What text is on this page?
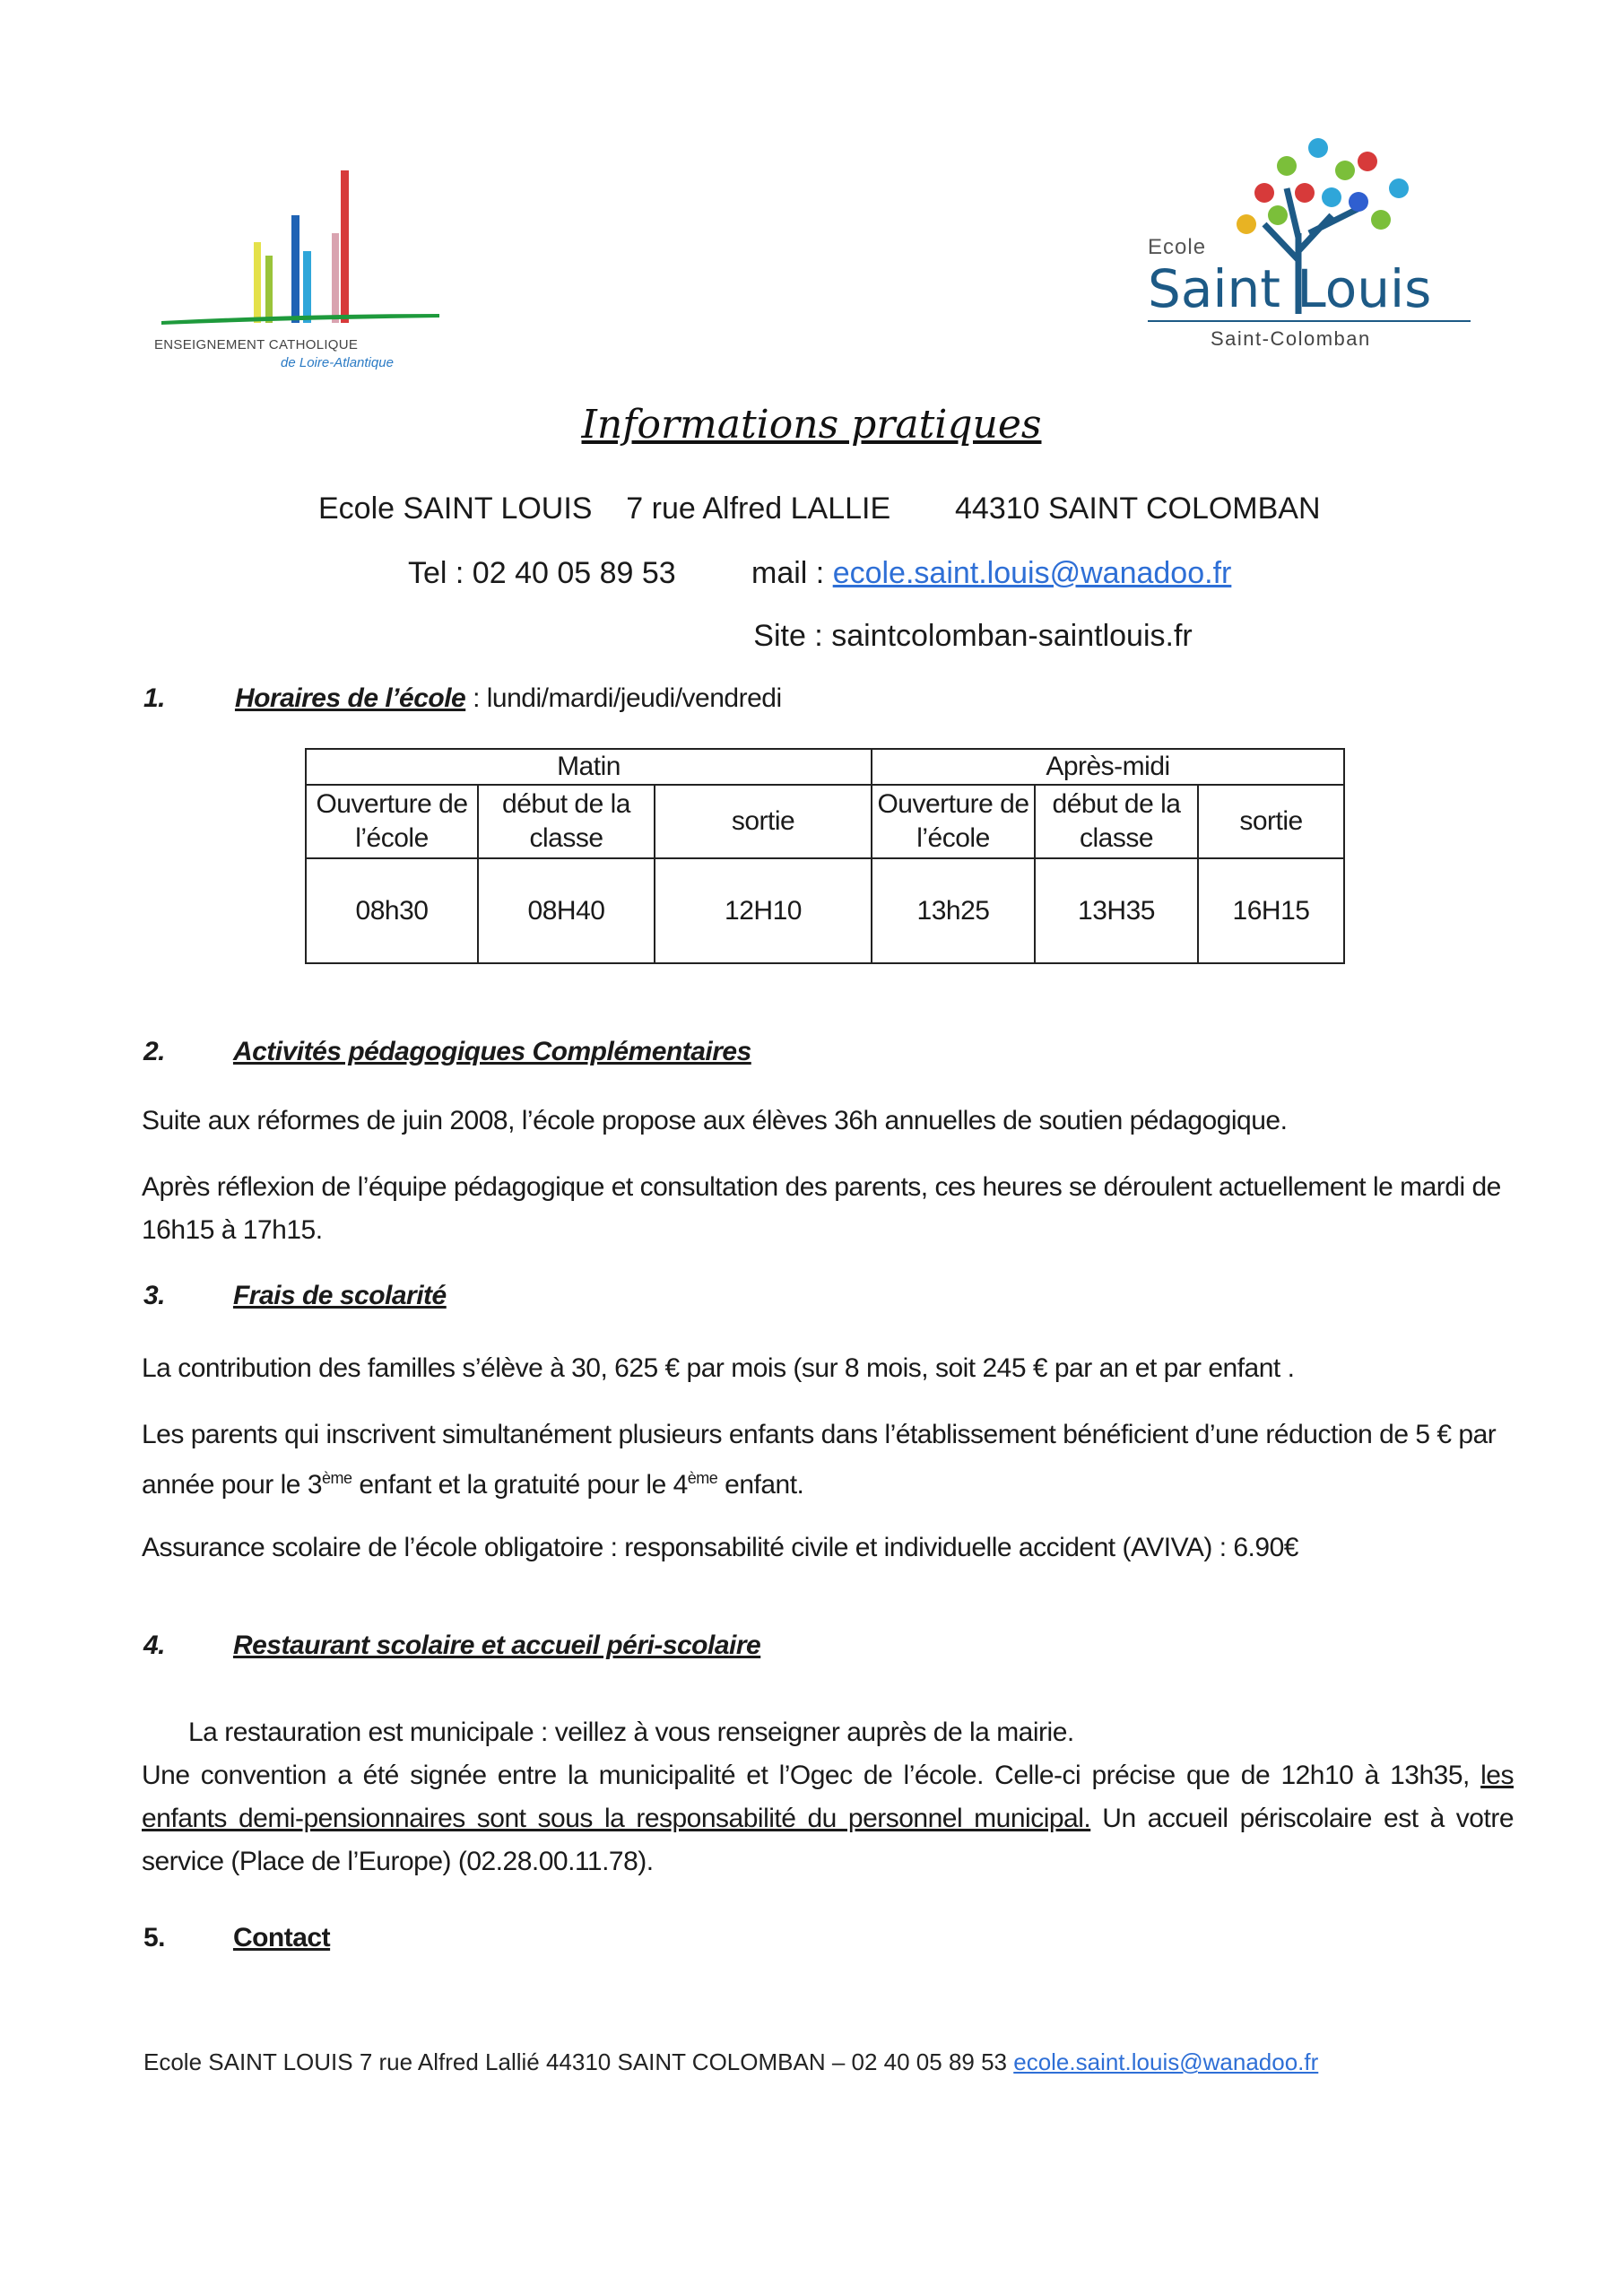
ENSEIGNEMENT CATHOLIQUE
de Loire-Atlantique
Ecole
Saint Louis
Saint-Colomban
Informations pratiques
Ecole SAINT LOUIS    7 rue Alfred LALLIE 44310 SAINT COLOMBAN
Tel : 02 40 05 89 53 mail : ecole.saint.louis@wanadoo.fr
Site : saintcolomban-saintlouis.fr
1.	Horaires de l’école : lundi/mardi/jeudi/vendredi
Matin			Après-midi		
Ouverture de l’école	début de la classe	sortie	Ouverture de l’école	début de la classe	sortie
08h30	08H40	12H10	13h25	13H35	16H15
2.	Activités pédagogiques Complémentaires
Suite aux réformes de juin 2008, l’école propose aux élèves 36h annuelles de soutien pédagogique.
Après réflexion de l’équipe pédagogique et consultation des parents, ces heures se déroulent actuellement le mardi de 16h15 à 17h15.
3.	Frais de scolarité
La contribution des familles s’élève à 30, 625 € par mois (sur 8 mois, soit 245 € par an et par enfant .
Les parents qui inscrivent simultanément plusieurs enfants dans l’établissement bénéficient d’une réduction de 5 € par année pour le 3ème enfant et la gratuité pour le 4ème enfant.
Assurance scolaire de l’école obligatoire : responsabilité civile et individuelle accident (AVIVA) : 6.90€
4.	Restaurant scolaire et accueil péri-scolaire
La restauration est municipale : veillez à vous renseigner auprès de la mairie.
Une convention a été signée entre la municipalité et l’Ogec de l’école. Celle-ci précise que de 12h10 à 13h35, les enfants demi-pensionnaires sont sous la responsabilité du personnel municipal. Un accueil périscolaire est à votre service (Place de l’Europe) (02.28.00.11.78).
5.	Contact
Ecole SAINT LOUIS 7 rue Alfred Lallié 44310 SAINT COLOMBAN – 02 40 05 89 53 ecole.saint.louis@wanadoo.fr
